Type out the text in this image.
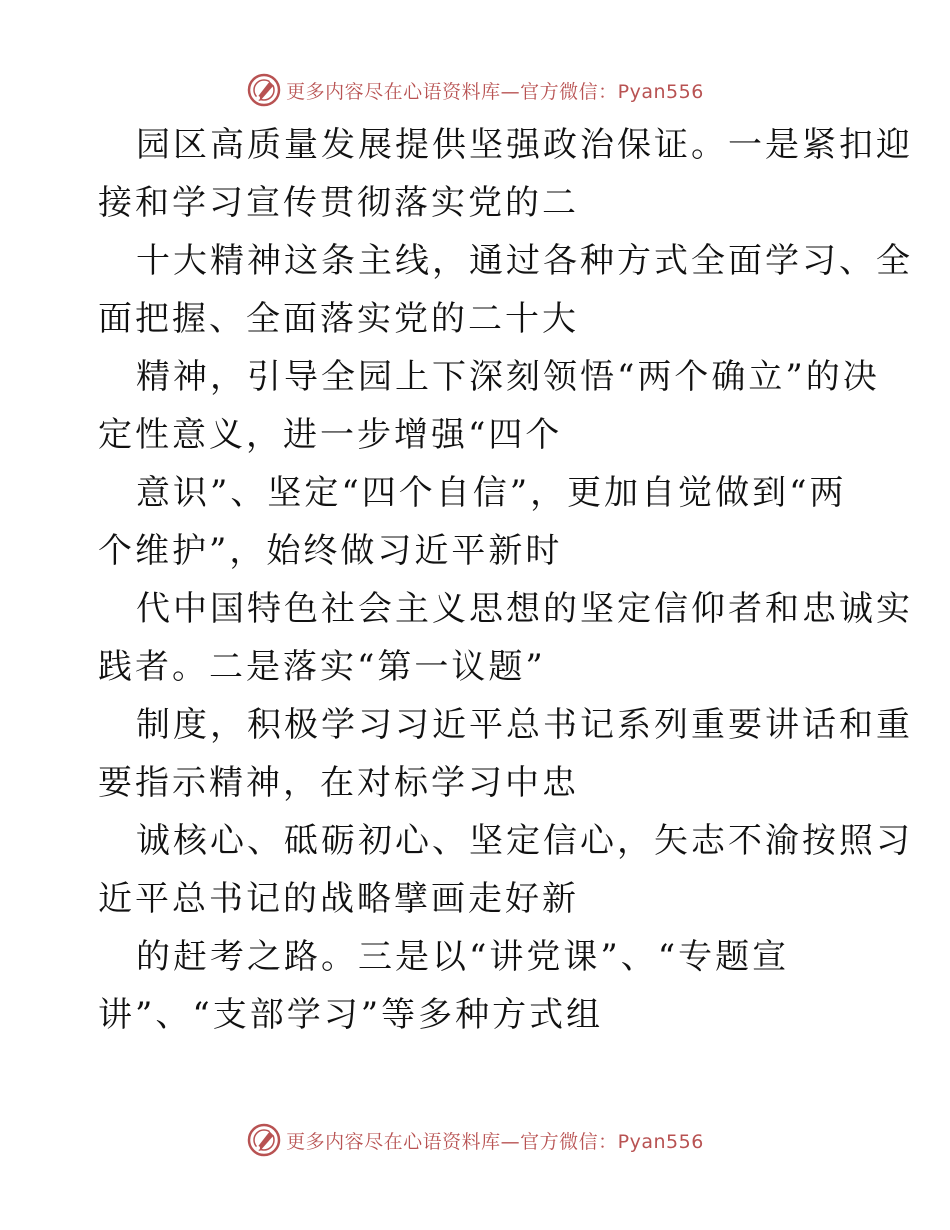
更多内容尽在心语资料库—官方微信：Pyan556
园区高质量发展提供坚强政治保证。一是紧扣迎
接和学习宣传贯彻落实党的二
十大精神这条主线，通过各种方式全面学习、全
面把握、全面落实党的二十大
精神，引导全园上下深刻领悟“两个确立”的决
定性意义，进一步增强“四个
意识”、坚定“四个自信”，更加自觉做到“两
个维护”，始终做习近平新时
代中国特色社会主义思想的坚定信仰者和忠诚实
践者。二是落实“第一议题”
制度，积极学习习近平总书记系列重要讲话和重
要指示精神，在对标学习中忠
诚核心、砥砺初心、坚定信心，矢志不渝按照习
近平总书记的战略擘画走好新
的赶考之路。三是以“讲党课”、“专题宣
讲”、“支部学习”等多种方式组
更多内容尽在心语资料库—官方微信：Pyan556
